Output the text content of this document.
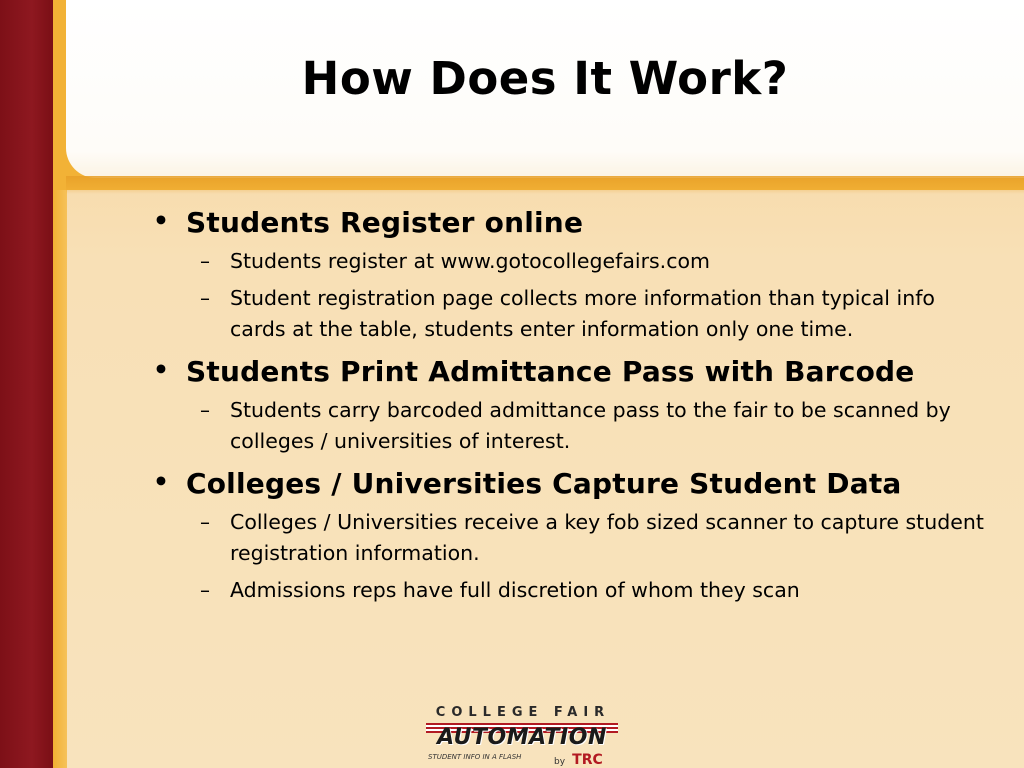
How Does It Work?
• Students Register online
– Students register at www.gotocollegefairs.com
– Student registration page collects more information than typical info cards at the table, students enter information only one time.
• Students Print Admittance Pass with Barcode
– Students carry barcoded admittance pass to the fair to be scanned by colleges / universities of interest.
• Colleges / Universities Capture Student Data
– Colleges / Universities receive a key fob sized scanner to capture student registration information.
– Admissions reps have full discretion of whom they scan
COLLEGE FAIR
AUTOMATION
STUDENT INFO IN A FLASH	by TRC
